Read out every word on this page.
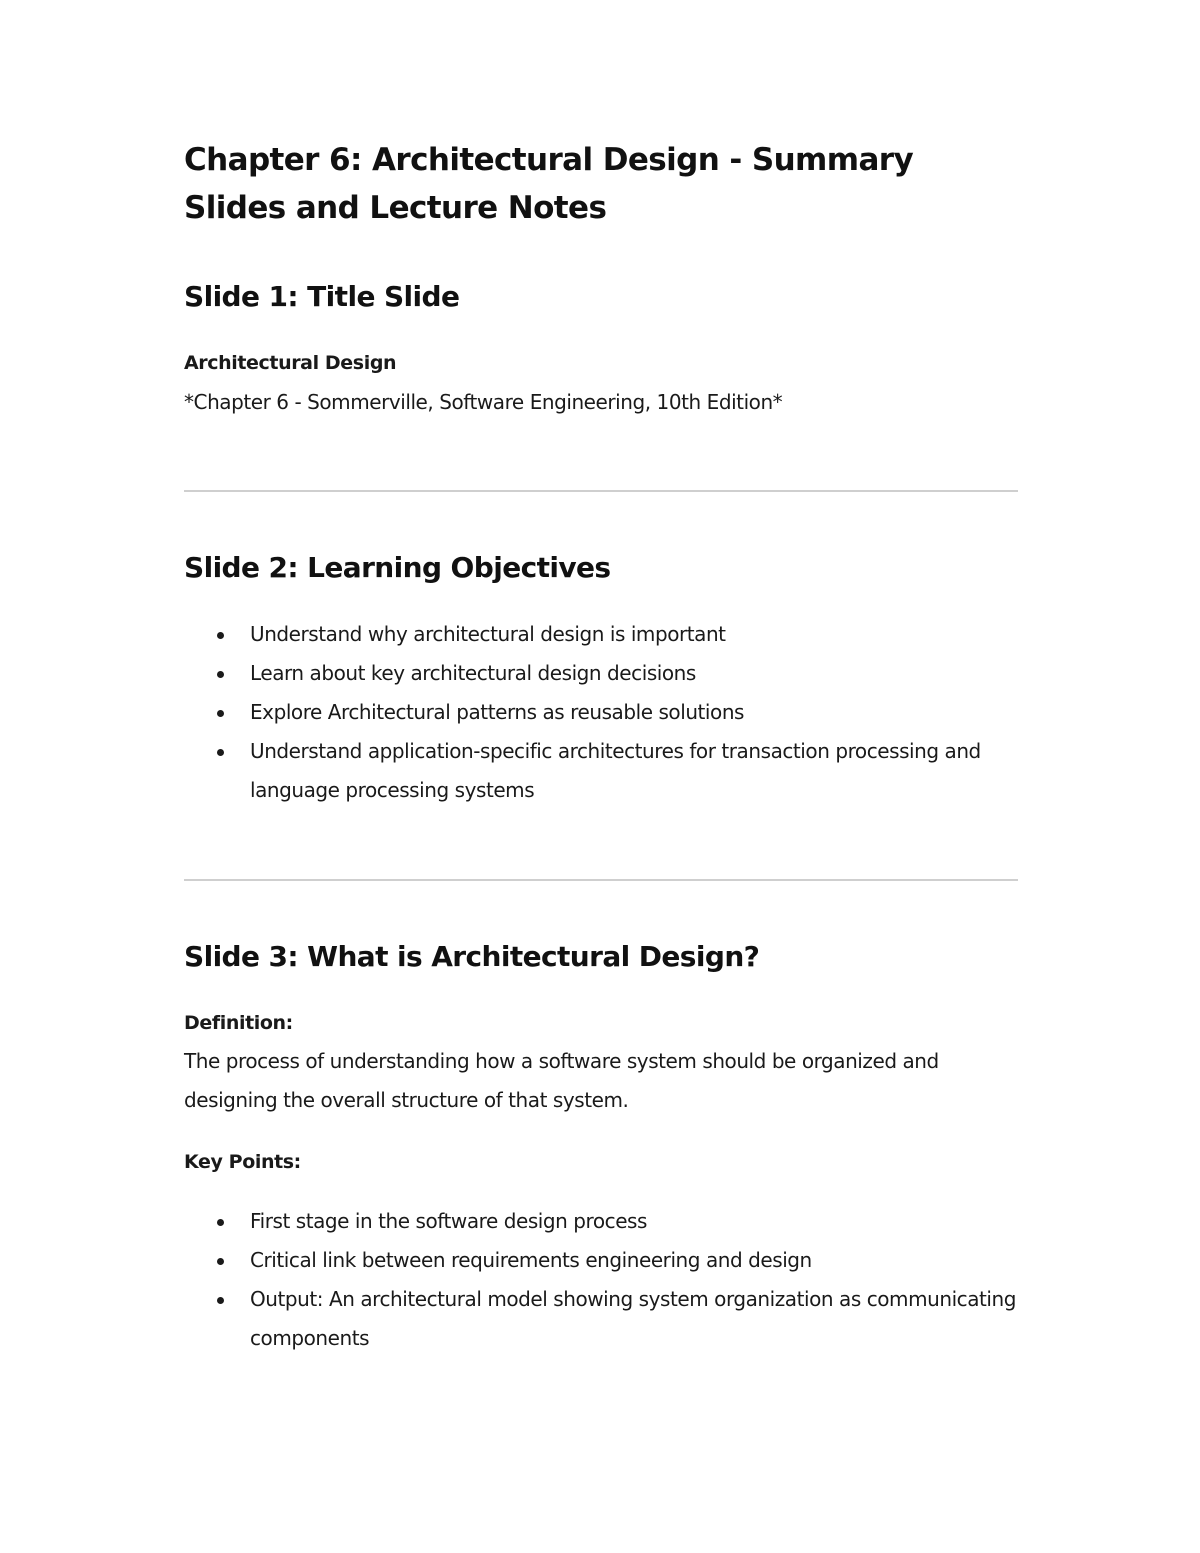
Chapter 6: Architectural Design - Summary Slides and Lecture Notes
Slide 1: Title Slide

Architectural Design

*Chapter 6 - Sommerville, Software Engineering, 10th Edition*

Slide 2: Learning Objectives
Understand why architectural design is important
Learn about key architectural design decisions
Explore Architectural patterns as reusable solutions
Understand application-specific architectures for transaction processing and language processing systems
Slide 3: What is Architectural Design?

Definition:

The process of understanding how a software system should be organized and designing the overall structure of that system.

Key Points:

First stage in the software design process
Critical link between requirements engineering and design
Output: An architectural model showing system organization as communicating components
